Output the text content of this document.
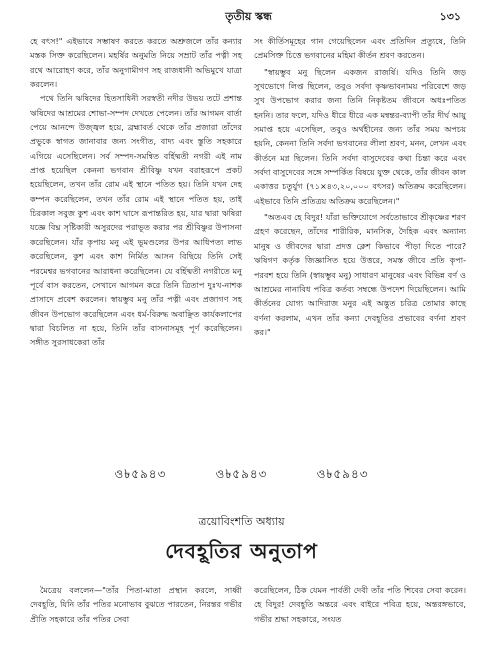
তৃতীয় স্কন্ধ	১৩১

হে বৎস!" এইভাবে সম্ভাষণ করতে করতে অশ্রুজলে তাঁর কন্যার মস্তক সিক্ত করেছিলেন। মহর্ষির অনুমতি নিয়ে সম্রাট তাঁর পত্নী সহ রথে আরোহণ করে, তাঁর অনুগামীগণ সহ রাজধানী অভিমুখে যাত্রা করলেন।

পথে তিনি ঋষিদের হিতসাধিনী সরস্বতী নদীর উভয় তটে প্রশান্ত ঋষিদের আশ্রমের শোভা-সম্পদ দেখতে পেলেন। তাঁর আগমন বার্তা পেয়ে আনন্দে উজ্জ্বল হয়ে, ব্রহ্মাবর্ত থেকে তাঁর প্রজারা তাঁদের প্রভুকে স্বাগত জানাবার জন্য সংগীত, বাদ্য এবং স্তুতি সহকারে এগিয়ে এসেছিলেন। সর্ব সম্পদ-সমন্বিত বর্হিষ্মতী নগরী এই নাম প্রাপ্ত হয়েছিল কেননা ভগবান শ্রীবিষ্ণু যখন বরাহরূপে প্রকট হয়েছিলেন, তখন তাঁর রোম এই স্থানে পতিত হয়। তিনি যখন দেহ কম্পন করেছিলেন, তখন তাঁর রোম এই স্থানে পতিত হয়, তাই চিরকাল সবুজ কুশ এবং কাশ ঘাসে রূপান্তরিত হয়, যার দ্বারা ঋষিরা যজ্ঞে বিঘ্ন সৃষ্টিকারী অসুরদের পরাভূত করার পর শ্রীবিষ্ণুর উপাসনা করেছিলেন। যাঁর কৃপায় মনু এই ভূমণ্ডলের উপর আধিপত্য লাভ করেছিলেন, কুশ এবং কাশ নির্মিত আসন বিছিয়ে তিনি সেই পরমেশ্বর ভগবানের আরাধনা করেছিলেন। যে বর্হিষ্মতী নগরীতে মনু পূর্বে বাস করতেন, সেখানে আগমন করে তিনি ত্রিতাপ দুঃখ-নাশক প্রাসাদে প্রবেশ করলেন। স্বায়ম্ভুব মনু তাঁর পত্নী এবং প্রজাগণ সহ জীবন উপভোগ করেছিলেন এবং ধর্ম-বিরুদ্ধ অবাঞ্ছিত কার্যকলাপের দ্বারা বিচলিত না হয়ে, তিনি তাঁর বাসনাসমূহ পূর্ণ করেছিলেন। সঙ্গীত সুরসাধকেরা তাঁর

সং কীর্তিসমূহের গান গেয়েছিলেন এবং প্রতিদিন প্রত্যুষে, তিনি প্রেমসিক্ত চিত্তে ভগবানের মহিমা কীর্তন শ্রবণ করতেন।

"স্বায়ম্ভুব মনু ছিলেন একজন রাজর্ষি। যদিও তিনি জড় সুখভোগে লিপ্ত ছিলেন, তবুও সর্বদা কৃষ্ণভাবনাময় পরিবেশে জড় সুখ উপভোগ করার জন্য তিনি নিকৃষ্টতম জীবনে অধঃপতিত হননি। তার ফলে, যদিও ধীরে ধীরে এক মন্বন্তর-ব্যাপী তাঁর দীর্ঘ আয়ু সমাপ্ত হয়ে এসেছিল, তবুও অর্থহীনের জন্য তাঁর সময় অপচয় হয়নি, কেননা তিনি সর্বদা ভগবানের লীলা শ্রবণ, মনন, লেখন এবং কীর্তনে মগ্ন ছিলেন। তিনি সর্বদা বাসুদেবের কথা চিন্তা করে এবং সর্বদা বাসুদেবের সঙ্গে সম্পর্কিত বিষয়ে যুক্ত থেকে, তাঁর জীবন কাল একাত্তর চতুর্যুগ (৭১×৪৩,২০,০০০ বৎসর) অতিক্রম করেছিলেন। এইভাবে তিনি প্রতিত্রয় অতিক্রম করেছিলেন।"

"অতএব হে বিদুর! যাঁরা ভক্তিযোগে সর্বতোভাবে শ্রীকৃষ্ণের শরণ গ্রহণ করেছেন, তাঁদের শারীরিক, মানসিক, দৈহিক এবং অন্যান্য মানুষ ও জীবদের দ্বারা প্রদত্ত ক্লেশ কিভাবে পীড়া দিতে পারে? ঋষিগণ কর্তৃক জিজ্ঞাসিত হয়ে উত্তরে, সমস্ত জীবে প্রতি কৃপা-পরবশ হয়ে তিনি (স্বায়ম্ভুব মনু) সাধারণ মানুষের এবং বিভিন্ন বর্ণ ও আশ্রমের নানাবিধ পবিত্র কর্তব্য সম্বন্ধে উপদেশ দিয়েছিলেন। আমি কীর্তনের যোগ্য আদিরাজ মনুর এই অদ্ভুত চরিত্র তোমার কাছে বর্ণনা করলাম, এখন তাঁর কন্যা দেবহূতির প্রভাবের বর্ণনা শ্রবণ কর।"

ও৳৫৯৪৩	ও৳৫৯৪৩	ও৳৫৯৪৩
ত্রয়োবিংশতি অধ্যায়
দেবহূতির অনুতাপ

মৈত্রেয় বললেন—"তাঁর পিতা-মাতা প্রস্থান করলে, সাধ্বী দেবহূতি, যিনি তাঁর পতির মনোভাব বুঝতে পারতেন, নিরন্তর গভীর প্রীতি সহকারে তাঁর পতির সেবা

করেছিলেন, ঠিক যেমন পার্বতী দেবী তাঁর পতি শিবের সেবা করেন। হে বিদুর! দেবহূতি অন্তরে এবং বাইরে পবিত্র হয়ে, অন্তরঙ্গভাবে, গভীর শ্রদ্ধা সহকারে, সংযত
